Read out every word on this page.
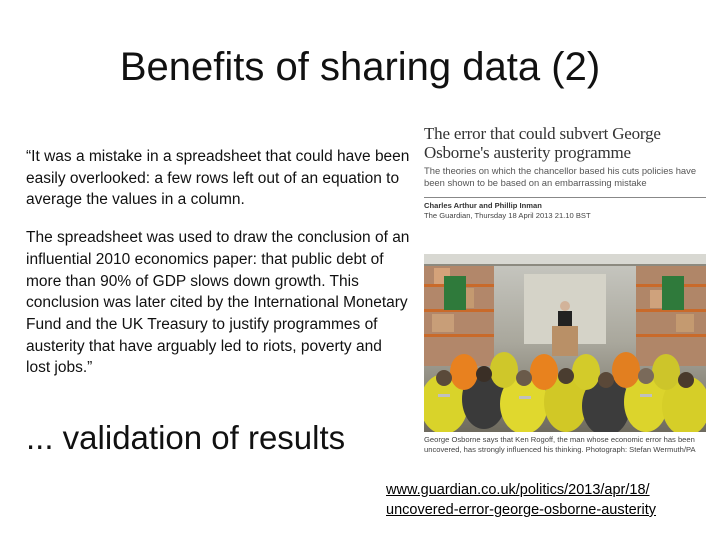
Benefits of sharing data (2)

“It was a mistake in a spreadsheet that could have been easily overlooked: a few rows left out of an equation to average the values in a column.

The spreadsheet was used to draw the conclusion of an influential 2010 economics paper: that public debt of more than 90% of GDP slows down growth. This conclusion was later cited by the International Monetary Fund and the UK Treasury to justify programmes of austerity that have arguably led to riots, poverty and lost jobs.”

The error that could subvert George Osborne's austerity programme
The theories on which the chancellor based his cuts policies have been shown to be based on an embarrassing mistake
Charles Arthur and Phillip Inman
The Guardian, Thursday 18 April 2013 21.10 BST
George Osborne says that Ken Rogoff, the man whose economic error has been uncovered, has strongly influenced his thinking. Photograph: Stefan Wermuth/PA
... validation of results
www.guardian.co.uk/politics/2013/apr/18/
uncovered-error-george-osborne-austerity
